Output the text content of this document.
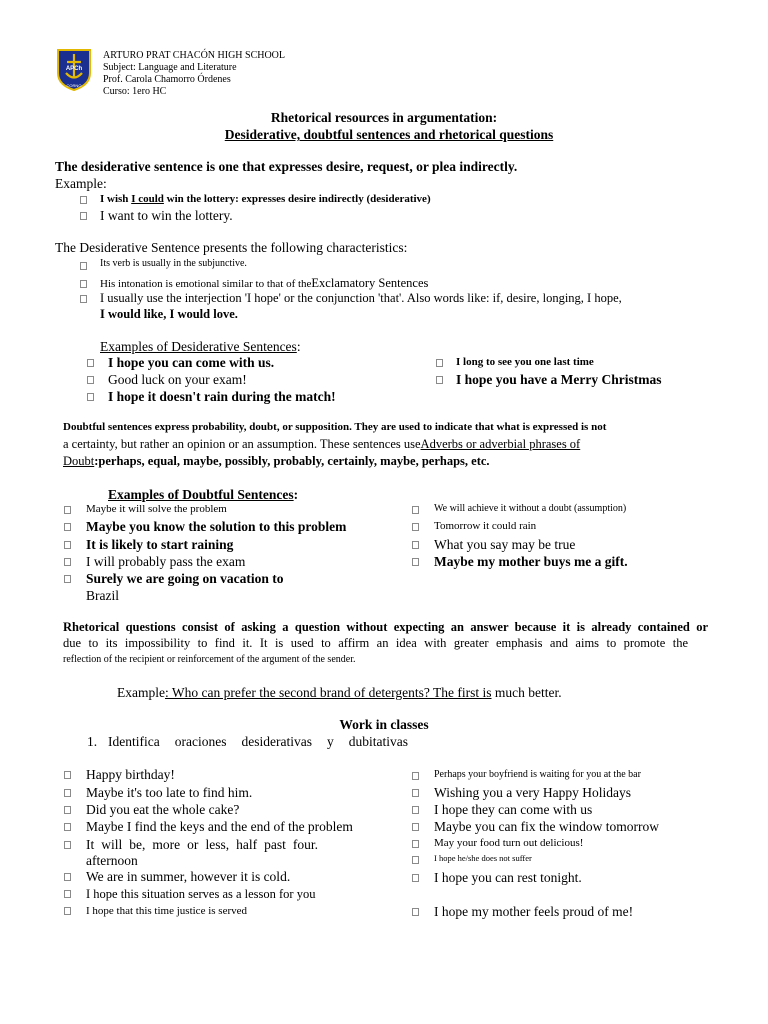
CORNO
APCh
ARTURO PRAT CHACÓN HIGH SCHOOL
Subject: Language and Literature
Prof. Carola Chamorro Órdenes
Curso: 1ero HC
Rhetorical resources in argumentation:
Desiderative, doubtful sentences and rhetorical questions
The desiderative sentence is one that expresses desire, request, or plea indirectly.
Example:
I wish I could win the lottery: expresses desire indirectly (desiderative)
I want to win the lottery.
The Desiderative Sentence presents the following characteristics:
Its verb is usually in the subjunctive.
His intonation is emotional similar to that of theExclamatory Sentences
I usually use the interjection 'I hope' or the conjunction 'that'. Also words like: if, desire, longing, I hope,
I would like, I would love.
Examples of Desiderative Sentences:
I hope you can come with us.
Good luck on your exam!
I hope it doesn't rain during the match!
I long to see you one last time
I hope you have a Merry Christmas
Doubtful sentences express probability, doubt, or supposition. They are used to indicate that what is expressed is not
a certainty, but rather an opinion or an assumption. These sentences useAdverbs or adverbial phrases of
Doubt:perhaps, equal, maybe, possibly, probably, certainly, maybe, perhaps, etc.
Examples of Doubtful Sentences:
Maybe it will solve the problem
Maybe you know the solution to this problem
It is likely to start raining
I will probably pass the exam
Surely we are going on vacation to
Brazil
We will achieve it without a doubt (assumption)
Tomorrow it could rain
What you say may be true
Maybe my mother buys me a gift.
Rhetorical questions consist of asking a question without expecting an answer because it is already contained or
due to its impossibility to find it. It is used to affirm an idea with greater emphasis and aims to promote the
reflection of the recipient or reinforcement of the argument of the sender.
Example: Who can prefer the second brand of detergents? The first is much better.
Work in classes
1. Identifica oraciones desiderativas y dubitativas
Happy birthday!
Maybe it's too late to find him.
Did you eat the whole cake?
Maybe I find the keys and the end of the problem
It will be, more or less, half past four.
afternoon
We are in summer, however it is cold.
I hope this situation serves as a lesson for you
I hope that this time justice is served
Perhaps your boyfriend is waiting for you at the bar
Wishing you a very Happy Holidays
I hope they can come with us
Maybe you can fix the window tomorrow
May your food turn out delicious!
I hope he/she does not suffer
I hope you can rest tonight.
I hope my mother feels proud of me!
